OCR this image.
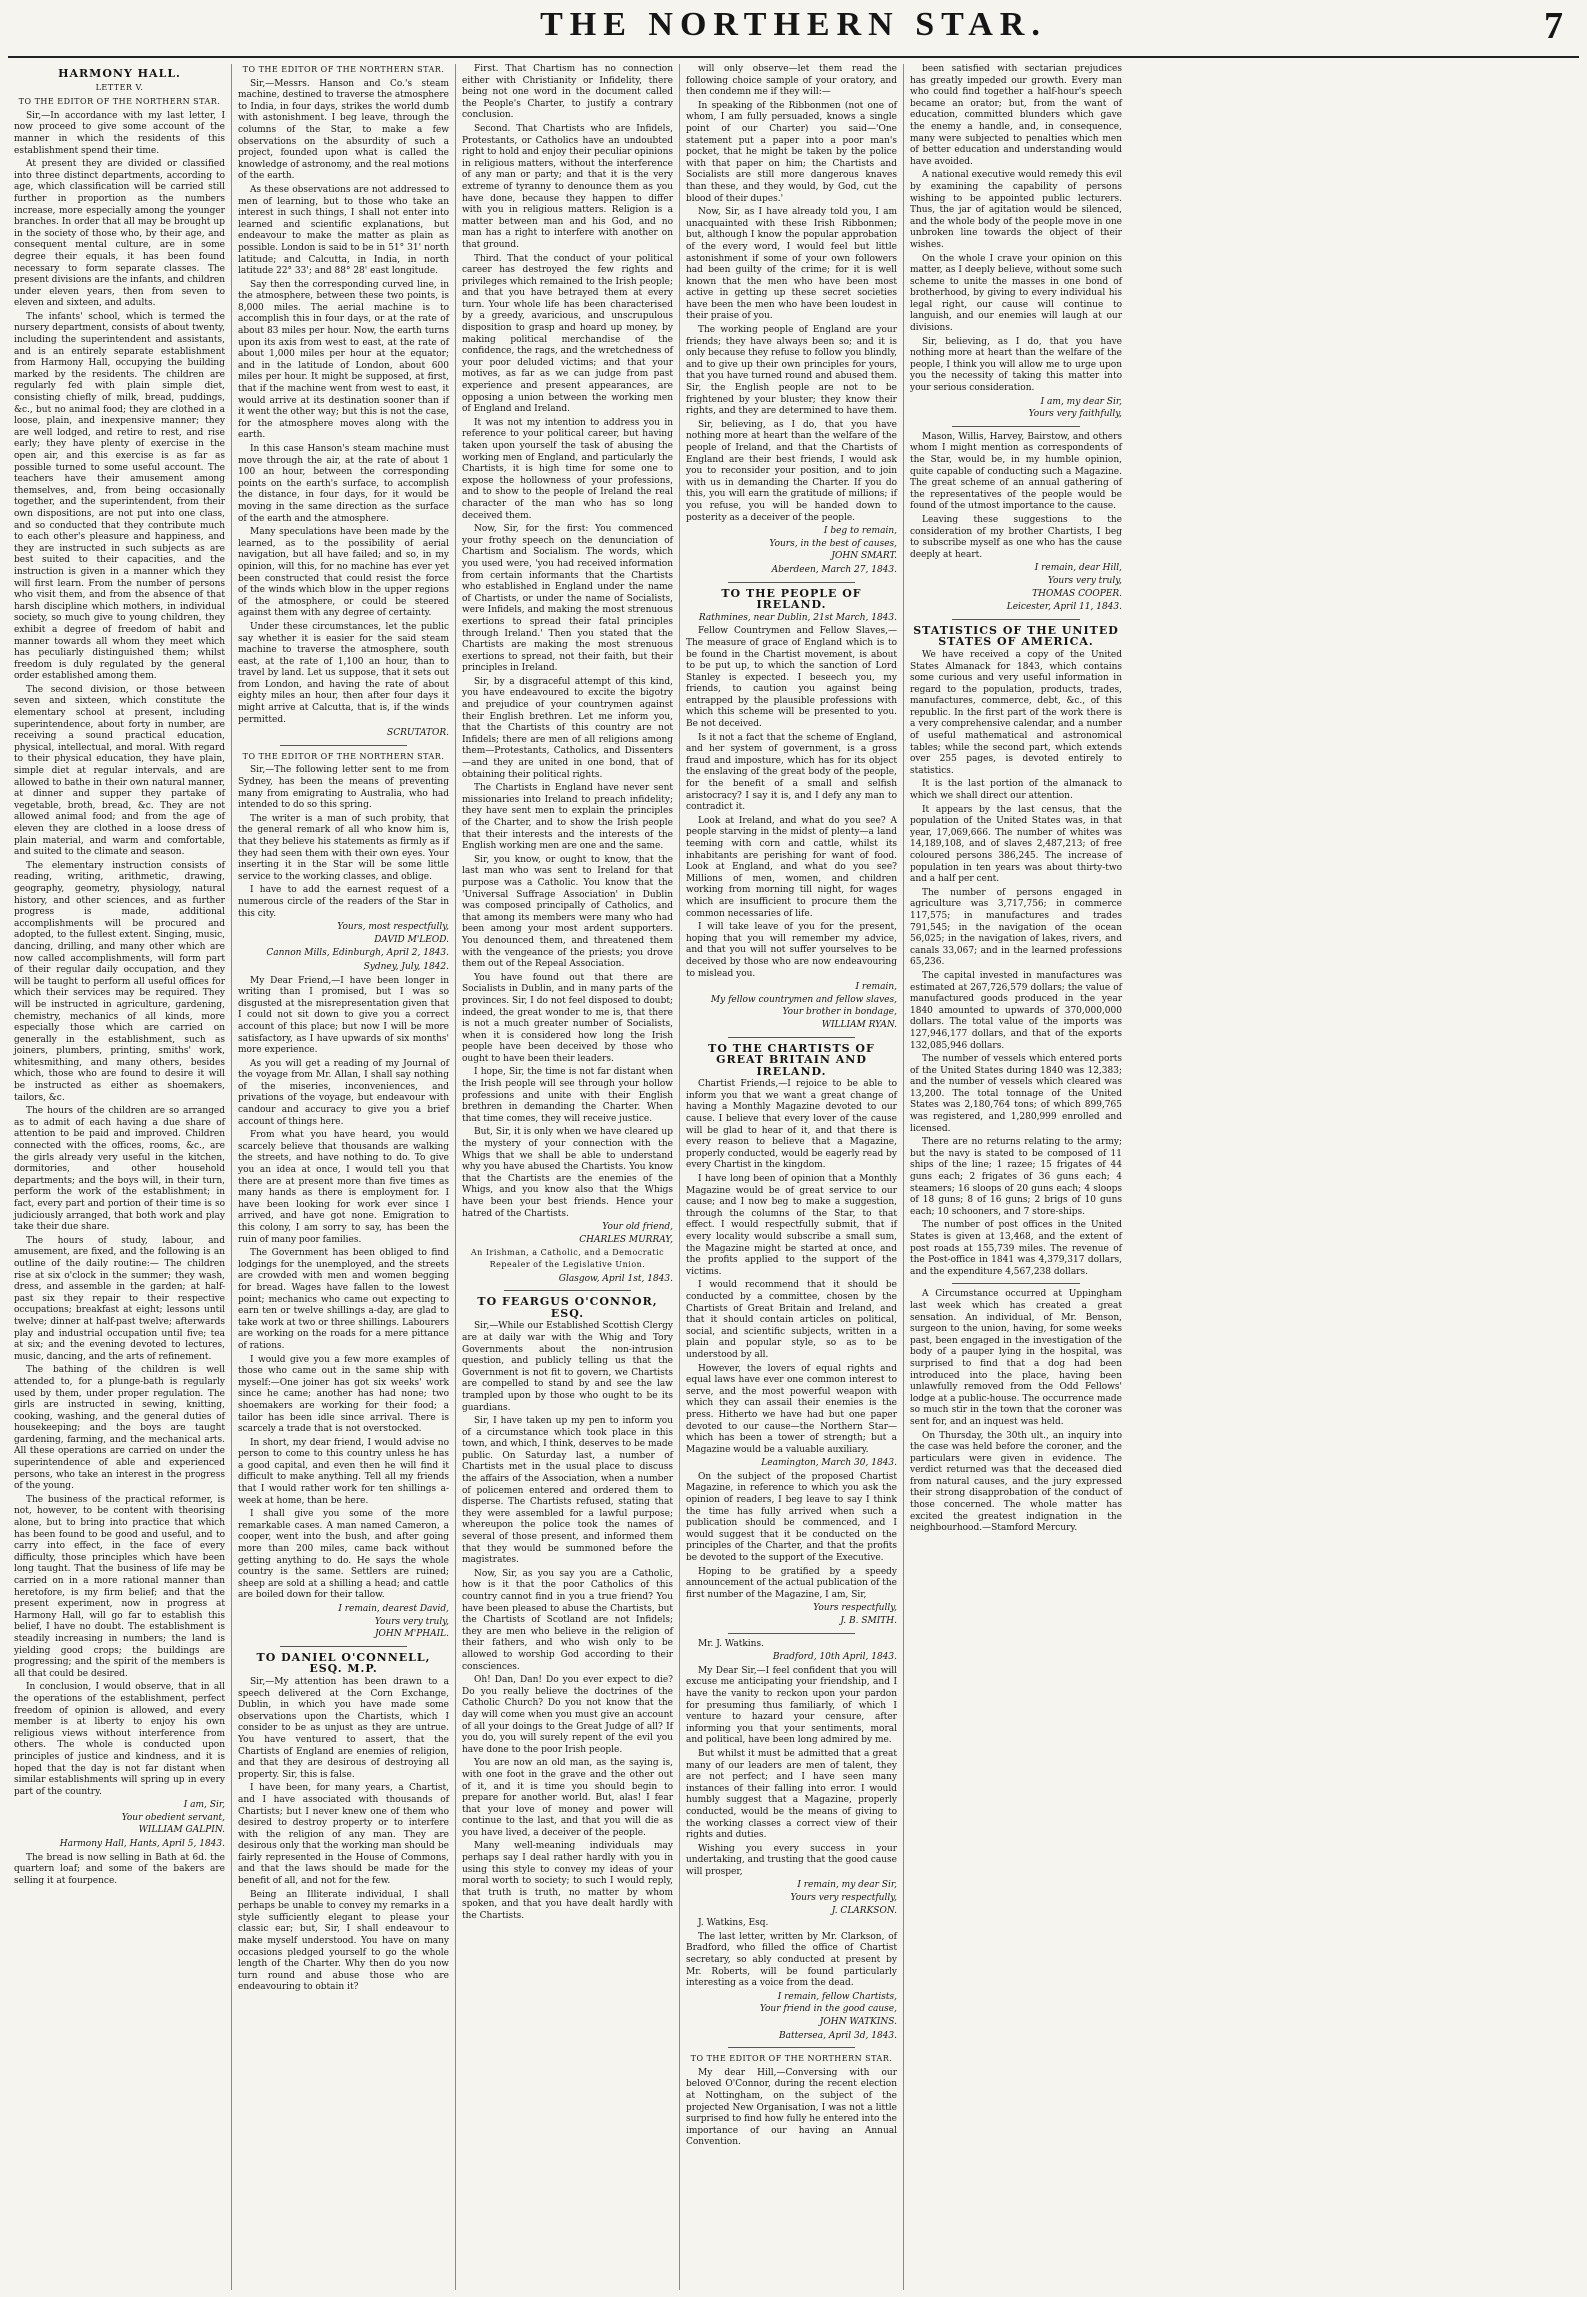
THE NORTHERN STAR.	7

HARMONY HALL.

LETTER V.

TO THE EDITOR OF THE NORTHERN STAR.

Sir,—In accordance with my last letter, I now proceed to give some account of the manner in which the residents of this establishment spend their time.

At present they are divided or classified into three distinct departments, according to age, which classification will be carried still further in proportion as the numbers increase, more especially among the younger branches. In order that all may be brought up in the society of those who, by their age, and consequent mental culture, are in some degree their equals, it has been found necessary to form separate classes. The present divisions are the infants, and children under eleven years, then from seven to eleven and sixteen, and adults.

The infants' school, which is termed the nursery department, consists of about twenty, including the superintendent and assistants, and is an entirely separate establishment from Harmony Hall, occupying the building marked by the residents. The children are regularly fed with plain simple diet, consisting chiefly of milk, bread, puddings, &c., but no animal food; they are clothed in a loose, plain, and inexpensive manner; they are well lodged, and retire to rest, and rise early; they have plenty of exercise in the open air, and this exercise is as far as possible turned to some useful account. The teachers have their amusement among themselves, and, from being occasionally together, and the superintendent, from their own dispositions, are not put into one class, and so conducted that they contribute much to each other's pleasure and happiness, and they are instructed in such subjects as are best suited to their capacities, and the instruction is given in a manner which they will first learn. From the number of persons who visit them, and from the absence of that harsh discipline which mothers, in individual society, so much give to young children, they exhibit a degree of freedom of habit and manner towards all whom they meet which has peculiarly distinguished them; whilst freedom is duly regulated by the general order established among them.

The second division, or those between seven and sixteen, which constitute the elementary school at present, including superintendence, about forty in number, are receiving a sound practical education, physical, intellectual, and moral. With regard to their physical education, they have plain, simple diet at regular intervals, and are allowed to bathe in their own natural manner, at dinner and supper they partake of vegetable, broth, bread, &c. They are not allowed animal food; and from the age of eleven they are clothed in a loose dress of plain material, and warm and comfortable, and suited to the climate and season.

The elementary instruction consists of reading, writing, arithmetic, drawing, geography, geometry, physiology, natural history, and other sciences, and as further progress is made, additional accomplishments will be procured and adopted, to the fullest extent. Singing, music, dancing, drilling, and many other which are now called accomplishments, will form part of their regular daily occupation, and they will be taught to perform all useful offices for which their services may be required. They will be instructed in agriculture, gardening, chemistry, mechanics of all kinds, more especially those which are carried on generally in the establishment, such as joiners, plumbers, printing, smiths' work, whitesmithing, and many others, besides which, those who are found to desire it will be instructed as either as shoemakers, tailors, &c.

The hours of the children are so arranged as to admit of each having a due share of attention to be paid and improved. Children connected with the offices, rooms, &c., are the girls already very useful in the kitchen, dormitories, and other household departments; and the boys will, in their turn, perform the work of the establishment; in fact, every part and portion of their time is so judiciously arranged, that both work and play take their due share.

The hours of study, labour, and amusement, are fixed, and the following is an outline of the daily routine:— The children rise at six o'clock in the summer; they wash, dress, and assemble in the garden; at half-past six they repair to their respective occupations; breakfast at eight; lessons until twelve; dinner at half-past twelve; afterwards play and industrial occupation until five; tea at six; and the evening devoted to lectures, music, dancing, and the arts of refinement.

The bathing of the children is well attended to, for a plunge-bath is regularly used by them, under proper regulation. The girls are instructed in sewing, knitting, cooking, washing, and the general duties of housekeeping; and the boys are taught gardening, farming, and the mechanical arts. All these operations are carried on under the superintendence of able and experienced persons, who take an interest in the progress of the young.

The business of the practical reformer, is not, however, to be content with theorising alone, but to bring into practice that which has been found to be good and useful, and to carry into effect, in the face of every difficulty, those principles which have been long taught. That the business of life may be carried on in a more rational manner than heretofore, is my firm belief; and that the present experiment, now in progress at Harmony Hall, will go far to establish this belief, I have no doubt. The establishment is steadily increasing in numbers; the land is yielding good crops; the buildings are progressing; and the spirit of the members is all that could be desired.

In conclusion, I would observe, that in all the operations of the establishment, perfect freedom of opinion is allowed, and every member is at liberty to enjoy his own religious views without interference from others. The whole is conducted upon principles of justice and kindness, and it is hoped that the day is not far distant when similar establishments will spring up in every part of the country.

I am, Sir,

Your obedient servant,

WILLIAM GALPIN.

Harmony Hall, Hants, April 5, 1843.

The bread is now selling in Bath at 6d. the quartern loaf; and some of the bakers are selling it at fourpence.

TO THE EDITOR OF THE NORTHERN STAR.

Sir,—Messrs. Hanson and Co.'s steam machine, destined to traverse the atmosphere to India, in four days, strikes the world dumb with astonishment. I beg leave, through the columns of the Star, to make a few observations on the absurdity of such a project, founded upon what is called the knowledge of astronomy, and the real motions of the earth.

As these observations are not addressed to men of learning, but to those who take an interest in such things, I shall not enter into learned and scientific explanations, but endeavour to make the matter as plain as possible. London is said to be in 51° 31' north latitude; and Calcutta, in India, in north latitude 22° 33'; and 88° 28' east longitude.

Say then the corresponding curved line, in the atmosphere, between these two points, is 8,000 miles. The aerial machine is to accomplish this in four days, or at the rate of about 83 miles per hour. Now, the earth turns upon its axis from west to east, at the rate of about 1,000 miles per hour at the equator; and in the latitude of London, about 600 miles per hour. It might be supposed, at first, that if the machine went from west to east, it would arrive at its destination sooner than if it went the other way; but this is not the case, for the atmosphere moves along with the earth.

In this case Hanson's steam machine must move through the air, at the rate of about 1 100 an hour, between the corresponding points on the earth's surface, to accomplish the distance, in four days, for it would be moving in the same direction as the surface of the earth and the atmosphere.

Many speculations have been made by the learned, as to the possibility of aerial navigation, but all have failed; and so, in my opinion, will this, for no machine has ever yet been constructed that could resist the force of the winds which blow in the upper regions of the atmosphere, or could be steered against them with any degree of certainty.

Under these circumstances, let the public say whether it is easier for the said steam machine to traverse the atmosphere, south east, at the rate of 1,100 an hour, than to travel by land. Let us suppose, that it sets out from London, and having the rate of about eighty miles an hour, then after four days it might arrive at Calcutta, that is, if the winds permitted.

SCRUTATOR.

TO THE EDITOR OF THE NORTHERN STAR.

Sir,—The following letter sent to me from Sydney, has been the means of preventing many from emigrating to Australia, who had intended to do so this spring.

The writer is a man of such probity, that the general remark of all who know him is, that they believe his statements as firmly as if they had seen them with their own eyes. Your inserting it in the Star will be some little service to the working classes, and oblige.

I have to add the earnest request of a numerous circle of the readers of the Star in this city.

Yours, most respectfully,

DAVID M'LEOD.

Cannon Mills, Edinburgh, April 2, 1843.

Sydney, July, 1842.

My Dear Friend,—I have been longer in writing than I promised, but I was so disgusted at the misrepresentation given that I could not sit down to give you a correct account of this place; but now I will be more satisfactory, as I have upwards of six months' more experience.

As you will get a reading of my Journal of the voyage from Mr. Allan, I shall say nothing of the miseries, inconveniences, and privations of the voyage, but endeavour with candour and accuracy to give you a brief account of things here.

From what you have heard, you would scarcely believe that thousands are walking the streets, and have nothing to do. To give you an idea at once, I would tell you that there are at present more than five times as many hands as there is employment for. I have been looking for work ever since I arrived, and have got none. Emigration to this colony, I am sorry to say, has been the ruin of many poor families.

The Government has been obliged to find lodgings for the unemployed, and the streets are crowded with men and women begging for bread. Wages have fallen to the lowest point; mechanics who came out expecting to earn ten or twelve shillings a-day, are glad to take work at two or three shillings. Labourers are working on the roads for a mere pittance of rations.

I would give you a few more examples of those who came out in the same ship with myself:—One joiner has got six weeks' work since he came; another has had none; two shoemakers are working for their food; a tailor has been idle since arrival. There is scarcely a trade that is not overstocked.

In short, my dear friend, I would advise no person to come to this country unless he has a good capital, and even then he will find it difficult to make anything. Tell all my friends that I would rather work for ten shillings a-week at home, than be here.

I shall give you some of the more remarkable cases. A man named Cameron, a cooper, went into the bush, and after going more than 200 miles, came back without getting anything to do. He says the whole country is the same. Settlers are ruined; sheep are sold at a shilling a head; and cattle are boiled down for their tallow.

I remain, dearest David,

Yours very truly,

JOHN M'PHAIL.

TO DANIEL O'CONNELL, ESQ. M.P.

Sir,—My attention has been drawn to a speech delivered at the Corn Exchange, Dublin, in which you have made some observations upon the Chartists, which I consider to be as unjust as they are untrue. You have ventured to assert, that the Chartists of England are enemies of religion, and that they are desirous of destroying all property. Sir, this is false.

I have been, for many years, a Chartist, and I have associated with thousands of Chartists; but I never knew one of them who desired to destroy property or to interfere with the religion of any man. They are desirous only that the working man should be fairly represented in the House of Commons, and that the laws should be made for the benefit of all, and not for the few.

Being an Illiterate individual, I shall perhaps be unable to convey my remarks in a style sufficiently elegant to please your classic ear; but, Sir, I shall endeavour to make myself understood. You have on many occasions pledged yourself to go the whole length of the Charter. Why then do you now turn round and abuse those who are endeavouring to obtain it?

First. That Chartism has no connection either with Christianity or Infidelity, there being not one word in the document called the People's Charter, to justify a contrary conclusion.

Second. That Chartists who are Infidels, Protestants, or Catholics have an undoubted right to hold and enjoy their peculiar opinions in religious matters, without the interference of any man or party; and that it is the very extreme of tyranny to denounce them as you have done, because they happen to differ with you in religious matters. Religion is a matter between man and his God, and no man has a right to interfere with another on that ground.

Third. That the conduct of your political career has destroyed the few rights and privileges which remained to the Irish people; and that you have betrayed them at every turn. Your whole life has been characterised by a greedy, avaricious, and unscrupulous disposition to grasp and hoard up money, by making political merchandise of the confidence, the rags, and the wretchedness of your poor deluded victims; and that your motives, as far as we can judge from past experience and present appearances, are opposing a union between the working men of England and Ireland.

It was not my intention to address you in reference to your political career, but having taken upon yourself the task of abusing the working men of England, and particularly the Chartists, it is high time for some one to expose the hollowness of your professions, and to show to the people of Ireland the real character of the man who has so long deceived them.

Now, Sir, for the first: You commenced your frothy speech on the denunciation of Chartism and Socialism. The words, which you used were, 'you had received information from certain informants that the Chartists who established in England under the name of Chartists, or under the name of Socialists, were Infidels, and making the most strenuous exertions to spread their fatal principles through Ireland.' Then you stated that the Chartists are making the most strenuous exertions to spread, not their faith, but their principles in Ireland.

Sir, by a disgraceful attempt of this kind, you have endeavoured to excite the bigotry and prejudice of your countrymen against their English brethren. Let me inform you, that the Chartists of this country are not Infidels; there are men of all religions among them—Protestants, Catholics, and Dissenters—and they are united in one bond, that of obtaining their political rights.

The Chartists in England have never sent missionaries into Ireland to preach infidelity; they have sent men to explain the principles of the Charter, and to show the Irish people that their interests and the interests of the English working men are one and the same.

Sir, you know, or ought to know, that the last man who was sent to Ireland for that purpose was a Catholic. You know that the 'Universal Suffrage Association' in Dublin was composed principally of Catholics, and that among its members were many who had been among your most ardent supporters. You denounced them, and threatened them with the vengeance of the priests; you drove them out of the Repeal Association.

You have found out that there are Socialists in Dublin, and in many parts of the provinces. Sir, I do not feel disposed to doubt; indeed, the great wonder to me is, that there is not a much greater number of Socialists, when it is considered how long the Irish people have been deceived by those who ought to have been their leaders.

I hope, Sir, the time is not far distant when the Irish people will see through your hollow professions and unite with their English brethren in demanding the Charter. When that time comes, they will receive justice.

But, Sir, it is only when we have cleared up the mystery of your connection with the Whigs that we shall be able to understand why you have abused the Chartists. You know that the Chartists are the enemies of the Whigs, and you know also that the Whigs have been your best friends. Hence your hatred of the Chartists.

Your old friend,

CHARLES MURRAY,

An Irishman, a Catholic, and a Democratic Repealer of the Legislative Union.

Glasgow, April 1st, 1843.

TO FEARGUS O'CONNOR, ESQ.

Sir,—While our Established Scottish Clergy are at daily war with the Whig and Tory Governments about the non-intrusion question, and publicly telling us that the Government is not fit to govern, we Chartists are compelled to stand by and see the law trampled upon by those who ought to be its guardians.

Sir, I have taken up my pen to inform you of a circumstance which took place in this town, and which, I think, deserves to be made public. On Saturday last, a number of Chartists met in the usual place to discuss the affairs of the Association, when a number of policemen entered and ordered them to disperse. The Chartists refused, stating that they were assembled for a lawful purpose; whereupon the police took the names of several of those present, and informed them that they would be summoned before the magistrates.

Now, Sir, as you say you are a Catholic, how is it that the poor Catholics of this country cannot find in you a true friend? You have been pleased to abuse the Chartists, but the Chartists of Scotland are not Infidels; they are men who believe in the religion of their fathers, and who wish only to be allowed to worship God according to their consciences.

Oh! Dan, Dan! Do you ever expect to die? Do you really believe the doctrines of the Catholic Church? Do you not know that the day will come when you must give an account of all your doings to the Great Judge of all? If you do, you will surely repent of the evil you have done to the poor Irish people.

You are now an old man, as the saying is, with one foot in the grave and the other out of it, and it is time you should begin to prepare for another world. But, alas! I fear that your love of money and power will continue to the last, and that you will die as you have lived, a deceiver of the people.

Many well-meaning individuals may perhaps say I deal rather hardly with you in using this style to convey my ideas of your moral worth to society; to such I would reply, that truth is truth, no matter by whom spoken, and that you have dealt hardly with the Chartists.

will only observe—let them read the following choice sample of your oratory, and then condemn me if they will:—

In speaking of the Ribbonmen (not one of whom, I am fully persuaded, knows a single point of our Charter) you said—'One statement put a paper into a poor man's pocket, that he might be taken by the police with that paper on him; the Chartists and Socialists are still more dangerous knaves than these, and they would, by God, cut the blood of their dupes.'

Now, Sir, as I have already told you, I am unacquainted with these Irish Ribbonmen; but, although I know the popular approbation of the every word, I would feel but little astonishment if some of your own followers had been guilty of the crime; for it is well known that the men who have been most active in getting up these secret societies have been the men who have been loudest in their praise of you.

The working people of England are your friends; they have always been so; and it is only because they refuse to follow you blindly, and to give up their own principles for yours, that you have turned round and abused them. Sir, the English people are not to be frightened by your bluster; they know their rights, and they are determined to have them.

Sir, believing, as I do, that you have nothing more at heart than the welfare of the people of Ireland, and that the Chartists of England are their best friends, I would ask you to reconsider your position, and to join with us in demanding the Charter. If you do this, you will earn the gratitude of millions; if you refuse, you will be handed down to posterity as a deceiver of the people.

I beg to remain,

Yours, in the best of causes,

JOHN SMART.

Aberdeen, March 27, 1843.

TO THE PEOPLE OF IRELAND.

Rathmines, near Dublin, 21st March, 1843.

Fellow Countrymen and Fellow Slaves,—The measure of grace of England which is to be found in the Chartist movement, is about to be put up, to which the sanction of Lord Stanley is expected. I beseech you, my friends, to caution you against being entrapped by the plausible professions with which this scheme will be presented to you. Be not deceived.

Is it not a fact that the scheme of England, and her system of government, is a gross fraud and imposture, which has for its object the enslaving of the great body of the people, for the benefit of a small and selfish aristocracy? I say it is, and I defy any man to contradict it.

Look at Ireland, and what do you see? A people starving in the midst of plenty—a land teeming with corn and cattle, whilst its inhabitants are perishing for want of food. Look at England, and what do you see? Millions of men, women, and children working from morning till night, for wages which are insufficient to procure them the common necessaries of life.

I will take leave of you for the present, hoping that you will remember my advice, and that you will not suffer yourselves to be deceived by those who are now endeavouring to mislead you.

I remain,

My fellow countrymen and fellow slaves,

Your brother in bondage,

WILLIAM RYAN.

TO THE CHARTISTS OF GREAT BRITAIN AND IRELAND.

Chartist Friends,—I rejoice to be able to inform you that we want a great change of having a Monthly Magazine devoted to our cause. I believe that every lover of the cause will be glad to hear of it, and that there is every reason to believe that a Magazine, properly conducted, would be eagerly read by every Chartist in the kingdom.

I have long been of opinion that a Monthly Magazine would be of great service to our cause; and I now beg to make a suggestion, through the columns of the Star, to that effect. I would respectfully submit, that if every locality would subscribe a small sum, the Magazine might be started at once, and the profits applied to the support of the victims.

I would recommend that it should be conducted by a committee, chosen by the Chartists of Great Britain and Ireland, and that it should contain articles on political, social, and scientific subjects, written in a plain and popular style, so as to be understood by all.

However, the lovers of equal rights and equal laws have ever one common interest to serve, and the most powerful weapon with which they can assail their enemies is the press. Hitherto we have had but one paper devoted to our cause—the Northern Star—which has been a tower of strength; but a Magazine would be a valuable auxiliary.

Leamington, March 30, 1843.

On the subject of the proposed Chartist Magazine, in reference to which you ask the opinion of readers, I beg leave to say I think the time has fully arrived when such a publication should be commenced, and I would suggest that it be conducted on the principles of the Charter, and that the profits be devoted to the support of the Executive.

Hoping to be gratified by a speedy announcement of the actual publication of the first number of the Magazine, I am, Sir,

Yours respectfully,

J. B. SMITH.

Mr. J. Watkins.

Bradford, 10th April, 1843.

My Dear Sir,—I feel confident that you will excuse me anticipating your friendship, and I have the vanity to reckon upon your pardon for presuming thus familiarly, of which I venture to hazard your censure, after informing you that your sentiments, moral and political, have been long admired by me.

But whilst it must be admitted that a great many of our leaders are men of talent, they are not perfect; and I have seen many instances of their falling into error. I would humbly suggest that a Magazine, properly conducted, would be the means of giving to the working classes a correct view of their rights and duties.

Wishing you every success in your undertaking, and trusting that the good cause will prosper,

I remain, my dear Sir,

Yours very respectfully,

J. CLARKSON.

J. Watkins, Esq.

The last letter, written by Mr. Clarkson, of Bradford, who filled the office of Chartist secretary, so ably conducted at present by Mr. Roberts, will be found particularly interesting as a voice from the dead.

I remain, fellow Chartists,

Your friend in the good cause,

JOHN WATKINS.

Battersea, April 3d, 1843.

TO THE EDITOR OF THE NORTHERN STAR.

My dear Hill,—Conversing with our beloved O'Connor, during the recent election at Nottingham, on the subject of the projected New Organisation, I was not a little surprised to find how fully he entered into the importance of our having an Annual Convention.

been satisfied with sectarian prejudices has greatly impeded our growth. Every man who could find together a half-hour's speech became an orator; but, from the want of education, committed blunders which gave the enemy a handle, and, in consequence, many were subjected to penalties which men of better education and understanding would have avoided.

A national executive would remedy this evil by examining the capability of persons wishing to be appointed public lecturers. Thus, the jar of agitation would be silenced, and the whole body of the people move in one unbroken line towards the object of their wishes.

On the whole I crave your opinion on this matter, as I deeply believe, without some such scheme to unite the masses in one bond of brotherhood, by giving to every individual his legal right, our cause will continue to languish, and our enemies will laugh at our divisions.

Sir, believing, as I do, that you have nothing more at heart than the welfare of the people, I think you will allow me to urge upon you the necessity of taking this matter into your serious consideration.

I am, my dear Sir,

Yours very faithfully,

Mason, Willis, Harvey, Bairstow, and others whom I might mention as correspondents of the Star, would be, in my humble opinion, quite capable of conducting such a Magazine. The great scheme of an annual gathering of the representatives of the people would be found of the utmost importance to the cause.

Leaving these suggestions to the consideration of my brother Chartists, I beg to subscribe myself as one who has the cause deeply at heart.

I remain, dear Hill,

Yours very truly,

THOMAS COOPER.

Leicester, April 11, 1843.

STATISTICS OF THE UNITED STATES OF AMERICA.

We have received a copy of the United States Almanack for 1843, which contains some curious and very useful information in regard to the population, products, trades, manufactures, commerce, debt, &c., of this republic. In the first part of the work there is a very comprehensive calendar, and a number of useful mathematical and astronomical tables; while the second part, which extends over 255 pages, is devoted entirely to statistics.

It is the last portion of the almanack to which we shall direct our attention.

It appears by the last census, that the population of the United States was, in that year, 17,069,666. The number of whites was 14,189,108, and of slaves 2,487,213; of free coloured persons 386,245. The increase of population in ten years was about thirty-two and a half per cent.

The number of persons engaged in agriculture was 3,717,756; in commerce 117,575; in manufactures and trades 791,545; in the navigation of the ocean 56,025; in the navigation of lakes, rivers, and canals 33,067; and in the learned professions 65,236.

The capital invested in manufactures was estimated at 267,726,579 dollars; the value of manufactured goods produced in the year 1840 amounted to upwards of 370,000,000 dollars. The total value of the imports was 127,946,177 dollars, and that of the exports 132,085,946 dollars.

The number of vessels which entered ports of the United States during 1840 was 12,383; and the number of vessels which cleared was 13,200. The total tonnage of the United States was 2,180,764 tons; of which 899,765 was registered, and 1,280,999 enrolled and licensed.

There are no returns relating to the army; but the navy is stated to be composed of 11 ships of the line; 1 razee; 15 frigates of 44 guns each; 2 frigates of 36 guns each; 4 steamers; 16 sloops of 20 guns each; 4 sloops of 18 guns; 8 of 16 guns; 2 brigs of 10 guns each; 10 schooners, and 7 store-ships.

The number of post offices in the United States is given at 13,468, and the extent of post roads at 155,739 miles. The revenue of the Post-office in 1841 was 4,379,317 dollars, and the expenditure 4,567,238 dollars.

A Circumstance occurred at Uppingham last week which has created a great sensation. An individual, of Mr. Benson, surgeon to the union, having, for some weeks past, been engaged in the investigation of the body of a pauper lying in the hospital, was surprised to find that a dog had been introduced into the place, having been unlawfully removed from the Odd Fellows' lodge at a public-house. The occurrence made so much stir in the town that the coroner was sent for, and an inquest was held.

On Thursday, the 30th ult., an inquiry into the case was held before the coroner, and the particulars were given in evidence. The verdict returned was that the deceased died from natural causes, and the jury expressed their strong disapprobation of the conduct of those concerned. The whole matter has excited the greatest indignation in the neighbourhood.—Stamford Mercury.
